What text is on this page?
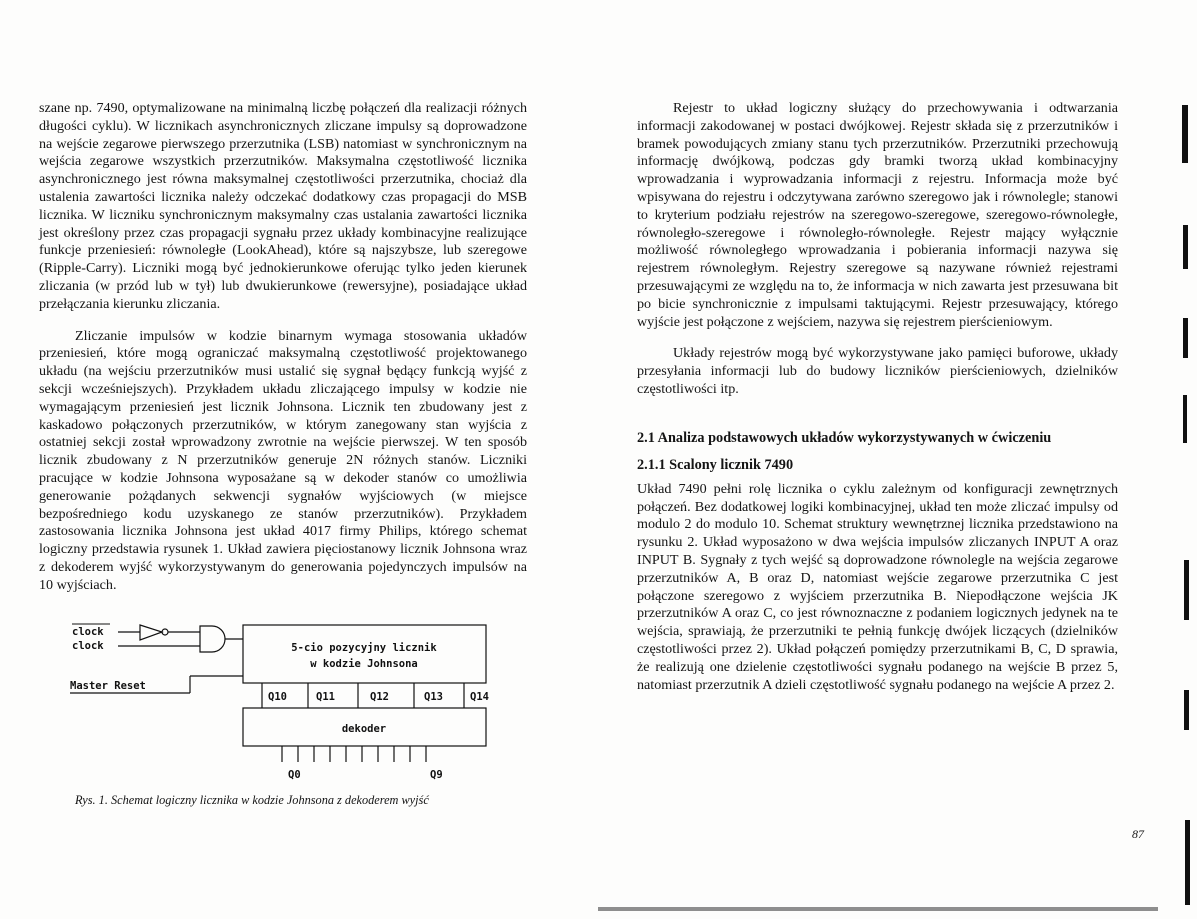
szane np. 7490, optymalizowane na minimalną liczbę połączeń dla realizacji różnych długości cyklu). W licznikach asynchronicznych zliczane impulsy są doprowadzone na wejście zegarowe pierwszego przerzutnika (LSB) natomiast w synchronicznym na wejścia zegarowe wszystkich przerzutników. Maksymalna częstotliwość licznika asynchronicznego jest równa maksymalnej częstotliwości przerzutnika, chociaż dla ustalenia zawartości licznika należy odczekać dodatkowy czas propagacji do MSB licznika. W liczniku synchronicznym maksymalny czas ustalania zawartości licznika jest określony przez czas propagacji sygnału przez układy kombinacyjne realizujące funkcje przeniesień: równoległe (LookAhead), które są najszybsze, lub szeregowe (Ripple-Carry). Liczniki mogą być jednokierunkowe oferując tylko jeden kierunek zliczania (w przód lub w tył) lub dwukierunkowe (rewersyjne), posiadające układ przełączania kierunku zliczania.

Zliczanie impulsów w kodzie binarnym wymaga stosowania układów przeniesień, które mogą ograniczać maksymalną częstotliwość projektowanego układu (na wejściu przerzutników musi ustalić się sygnał będący funkcją wyjść z sekcji wcześniejszych). Przykładem układu zliczającego impulsy w kodzie nie wymagającym przeniesień jest licznik Johnsona. Licznik ten zbudowany jest z kaskadowo połączonych przerzutników, w którym zanegowany stan wyjścia z ostatniej sekcji został wprowadzony zwrotnie na wejście pierwszej. W ten sposób licznik zbudowany z N przerzutników generuje 2N różnych stanów. Liczniki pracujące w kodzie Johnsona wyposażane są w dekoder stanów co umożliwia generowanie pożądanych sekwencji sygnałów wyjściowych (w miejsce bezpośredniego kodu uzyskanego ze stanów przerzutników). Przykładem zastosowania licznika Johnsona jest układ 4017 firmy Philips, którego schemat logiczny przedstawia rysunek 1. Układ zawiera pięciostanowy licznik Johnsona wraz z dekoderem wyjść wykorzystywanym do generowania pojedynczych impulsów na 10 wyjściach.

clock
clock
Master Reset
5-cio pozycyjny licznik
w kodzie Johnsona
Q10	Q11	Q12	Q13	Q14
dekoder
Q0	Q9
Rys. 1. Schemat logiczny licznika w kodzie Johnsona z dekoderem wyjść

Rejestr to układ logiczny służący do przechowywania i odtwarzania informacji zakodowanej w postaci dwójkowej. Rejestr składa się z przerzutników i bramek powodujących zmiany stanu tych przerzutników. Przerzutniki przechowują informację dwójkową, podczas gdy bramki tworzą układ kombinacyjny wprowadzania i wyprowadzania informacji z rejestru. Informacja może być wpisywana do rejestru i odczytywana zarówno szeregowo jak i równolegle; stanowi to kryterium podziału rejestrów na szeregowo-szeregowe, szeregowo-równoległe, równoległo-szeregowe i równoległo-równoległe. Rejestr mający wyłącznie możliwość równoległego wprowadzania i pobierania informacji nazywa się rejestrem równoległym. Rejestry szeregowe są nazywane również rejestrami przesuwającymi ze względu na to, że informacja w nich zawarta jest przesuwana bit po bicie synchronicznie z impulsami taktującymi. Rejestr przesuwający, którego wyjście jest połączone z wejściem, nazywa się rejestrem pierścieniowym.

Układy rejestrów mogą być wykorzystywane jako pamięci buforowe, układy przesyłania informacji lub do budowy liczników pierścieniowych, dzielników częstotliwości itp.

2.1 Analiza podstawowych układów wykorzystywanych w ćwiczeniu
2.1.1 Scalony licznik 7490

Układ 7490 pełni rolę licznika o cyklu zależnym od konfiguracji zewnętrznych połączeń. Bez dodatkowej logiki kombinacyjnej, układ ten może zliczać impulsy od modulo 2 do modulo 10. Schemat struktury wewnętrznej licznika przedstawiono na rysunku 2. Układ wyposażono w dwa wejścia impulsów zliczanych INPUT A oraz INPUT B. Sygnały z tych wejść są doprowadzone równolegle na wejścia zegarowe przerzutników A, B oraz D, natomiast wejście zegarowe przerzutnika C jest połączone szeregowo z wyjściem przerzutnika B. Niepodłączone wejścia JK przerzutników A oraz C, co jest równoznaczne z podaniem logicznych jedynek na te wejścia, sprawiają, że przerzutniki te pełnią funkcję dwójek liczących (dzielników częstotliwości przez 2). Układ połączeń pomiędzy przerzutnikami B, C, D sprawia, że realizują one dzielenie częstotliwości sygnału podanego na wejście B przez 5, natomiast przerzutnik A dzieli częstotliwość sygnału podanego na wejście A przez 2.

87
